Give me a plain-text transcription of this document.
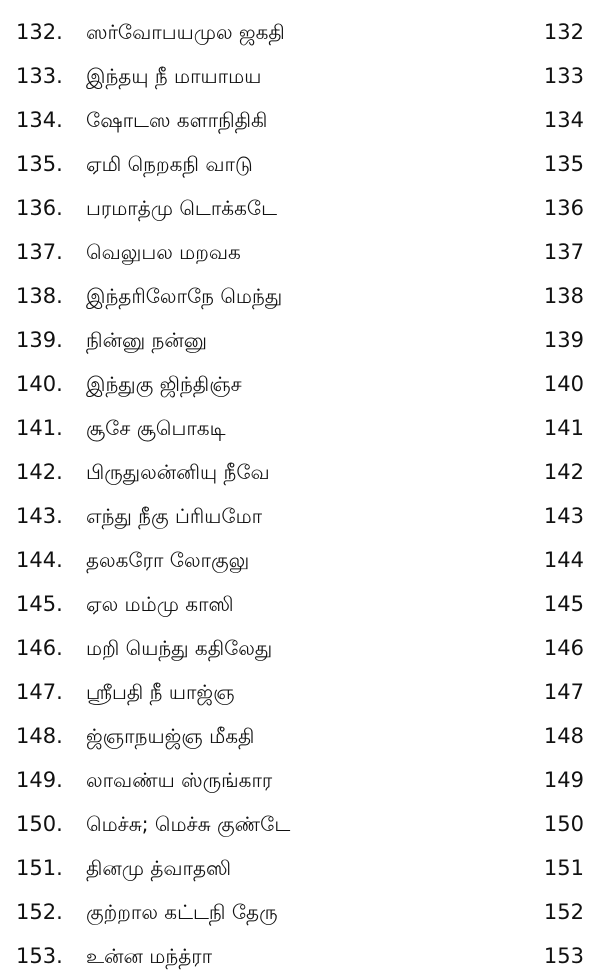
132. ஸர்வோபயமுல ஜகதி	132
133. இந்தயு நீ மாயாமய	133
134. ஷோடஸ களாநிதிகி	134
135. ஏமி நெறகநி வாடு	135
136. பரமாத்மு டொக்கடே	136
137. வெலுபல மறவக	137
138. இந்தரிலோநே மெந்து	138
139. நின்னு நன்னு	139
140. இந்துகு ஜிந்திஞ்ச	140
141. சூசே சூபொகடி	141
142. பிருதுலன்னியு நீவே	142
143. எந்து நீகு ப்ரியமோ	143
144. தலகரோ லோகுலு	144
145. ஏல மம்மு காஸி	145
146. மறி யெந்து கதிலேது	146
147. ஸ்ரீபதி நீ யாஜ்ஞ	147
148. ஜ்ஞாநயஜ்ஞ மீகதி	148
149. லாவண்ய ஸ்ருங்கார	149
150. மெச்சு; மெச்சு குண்டே	150
151. தினமு த்வாதஸி	151
152. குற்றால கட்டநி தேரு	152
153. உன்ன மந்த்ரா	153
